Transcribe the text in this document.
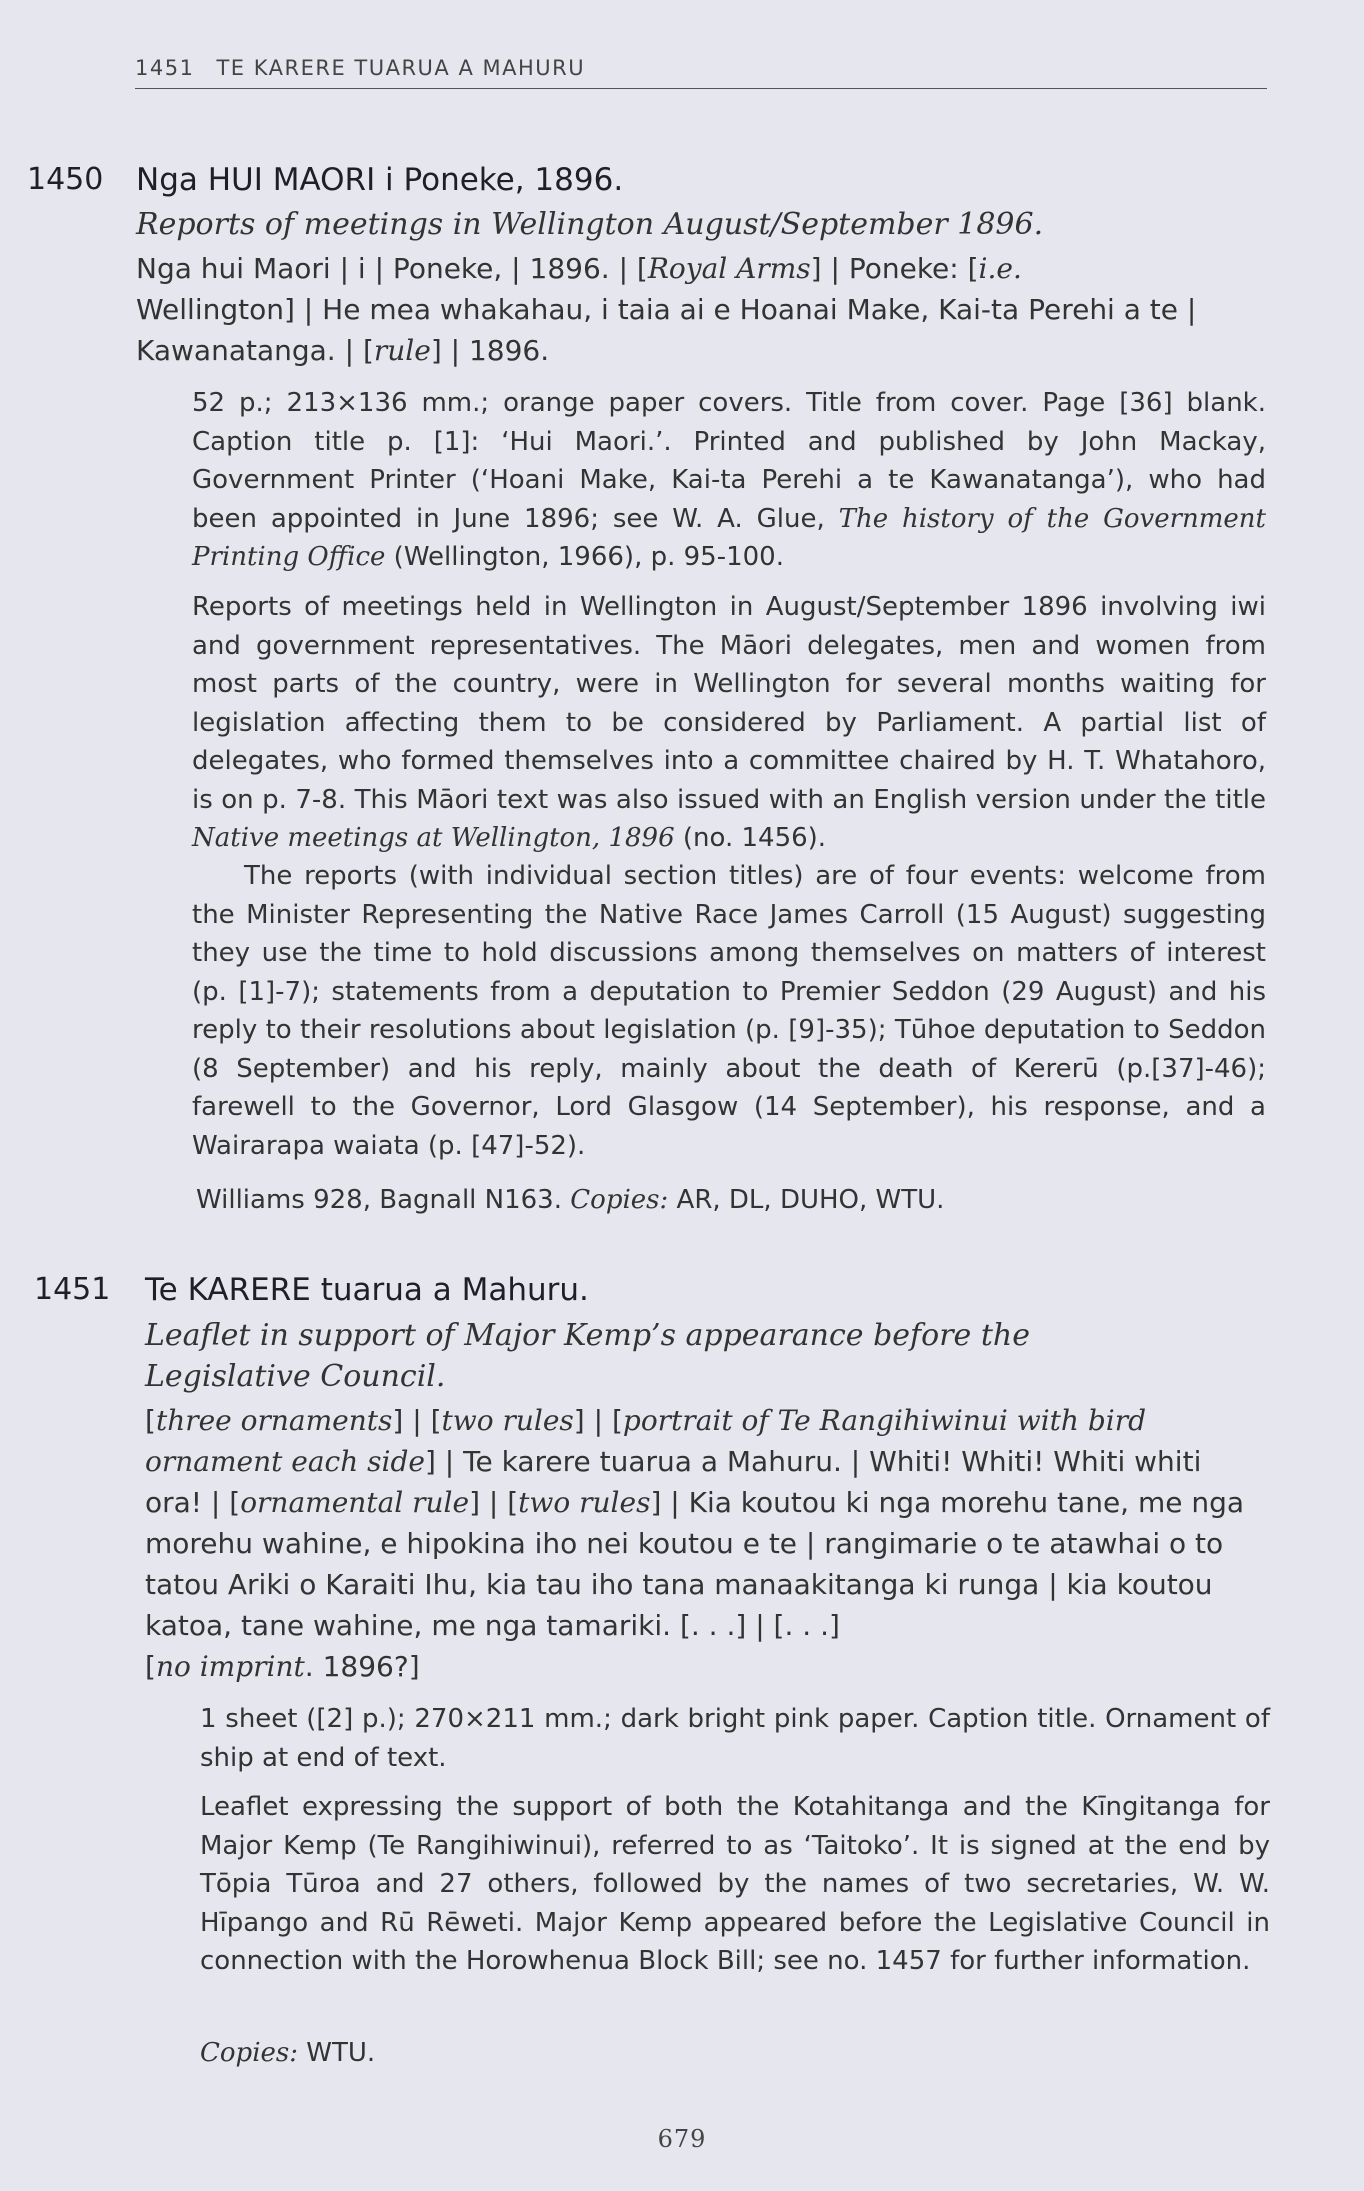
1451 TE KARERE TUARUA A MAHURU
1450 Nga HUI MAORI i Poneke, 1896.
Reports of meetings in Wellington August/September 1896.
Nga hui Maori | i | Poneke, | 1896. | [Royal Arms] | Poneke: [i.e.
Wellington] | He mea whakahau, i taia ai e Hoanai Make, Kai-ta Perehi a te |
Kawanatanga. | [rule] | 1896.
52 p.; 213×136 mm.; orange paper covers. Title from cover. Page [36] blank. Caption title p. [1]: ‘Hui Maori.’. Printed and published by John Mackay, Government Printer (‘Hoani Make, Kai-ta Perehi a te Kawanatanga’), who had been appointed in June 1896; see W. A. Glue, The history of the Government Printing Office (Wellington, 1966), p. 95-100.
Reports of meetings held in Wellington in August/September 1896 involving iwi and government representatives. The Māori delegates, men and women from most parts of the country, were in Wellington for several months waiting for legislation affecting them to be considered by Parliament. A partial list of delegates, who formed themselves into a committee chaired by H. T. Whatahoro, is on p. 7-8. This Māori text was also issued with an English version under the title Native meetings at Wellington, 1896 (no. 1456).
The reports (with individual section titles) are of four events: welcome from the Minister Representing the Native Race James Carroll (15 August) suggesting they use the time to hold discussions among themselves on matters of interest (p. [1]-7); statements from a deputation to Premier Seddon (29 August) and his reply to their resolutions about legislation (p. [9]-35); Tūhoe deputation to Seddon (8 September) and his reply, mainly about the death of Kererū (p.[37]-46); farewell to the Governor, Lord Glasgow (14 September), his response, and a Wairarapa waiata (p. [47]-52).
Williams 928, Bagnall N163. Copies: AR, DL, DUHO, WTU.
1451 Te KARERE tuarua a Mahuru.
Leaflet in support of Major Kemp’s appearance before the Legislative Council.
[three ornaments] | [two rules] | [portrait of Te Rangihiwinui with bird ornament each side] | Te karere tuarua a Mahuru. | Whiti! Whiti! Whiti whiti ora! | [ornamental rule] | [two rules] | Kia koutou ki nga morehu tane, me nga morehu wahine, e hipokina iho nei koutou e te | rangimarie o te atawhai o to tatou Ariki o Karaiti Ihu, kia tau iho tana manaakitanga ki runga | kia koutou katoa, tane wahine, me nga tamariki. [. . .] | [. . .]
[no imprint. 1896?]
1 sheet ([2] p.); 270×211 mm.; dark bright pink paper. Caption title. Ornament of ship at end of text.
Leaflet expressing the support of both the Kotahitanga and the Kīngitanga for Major Kemp (Te Rangihiwinui), referred to as ‘Taitoko’. It is signed at the end by Tōpia Tūroa and 27 others, followed by the names of two secretaries, W. W. Hīpango and Rū Rēweti. Major Kemp appeared before the Legislative Council in connection with the Horowhenua Block Bill; see no. 1457 for further information.
Copies: WTU.
679
